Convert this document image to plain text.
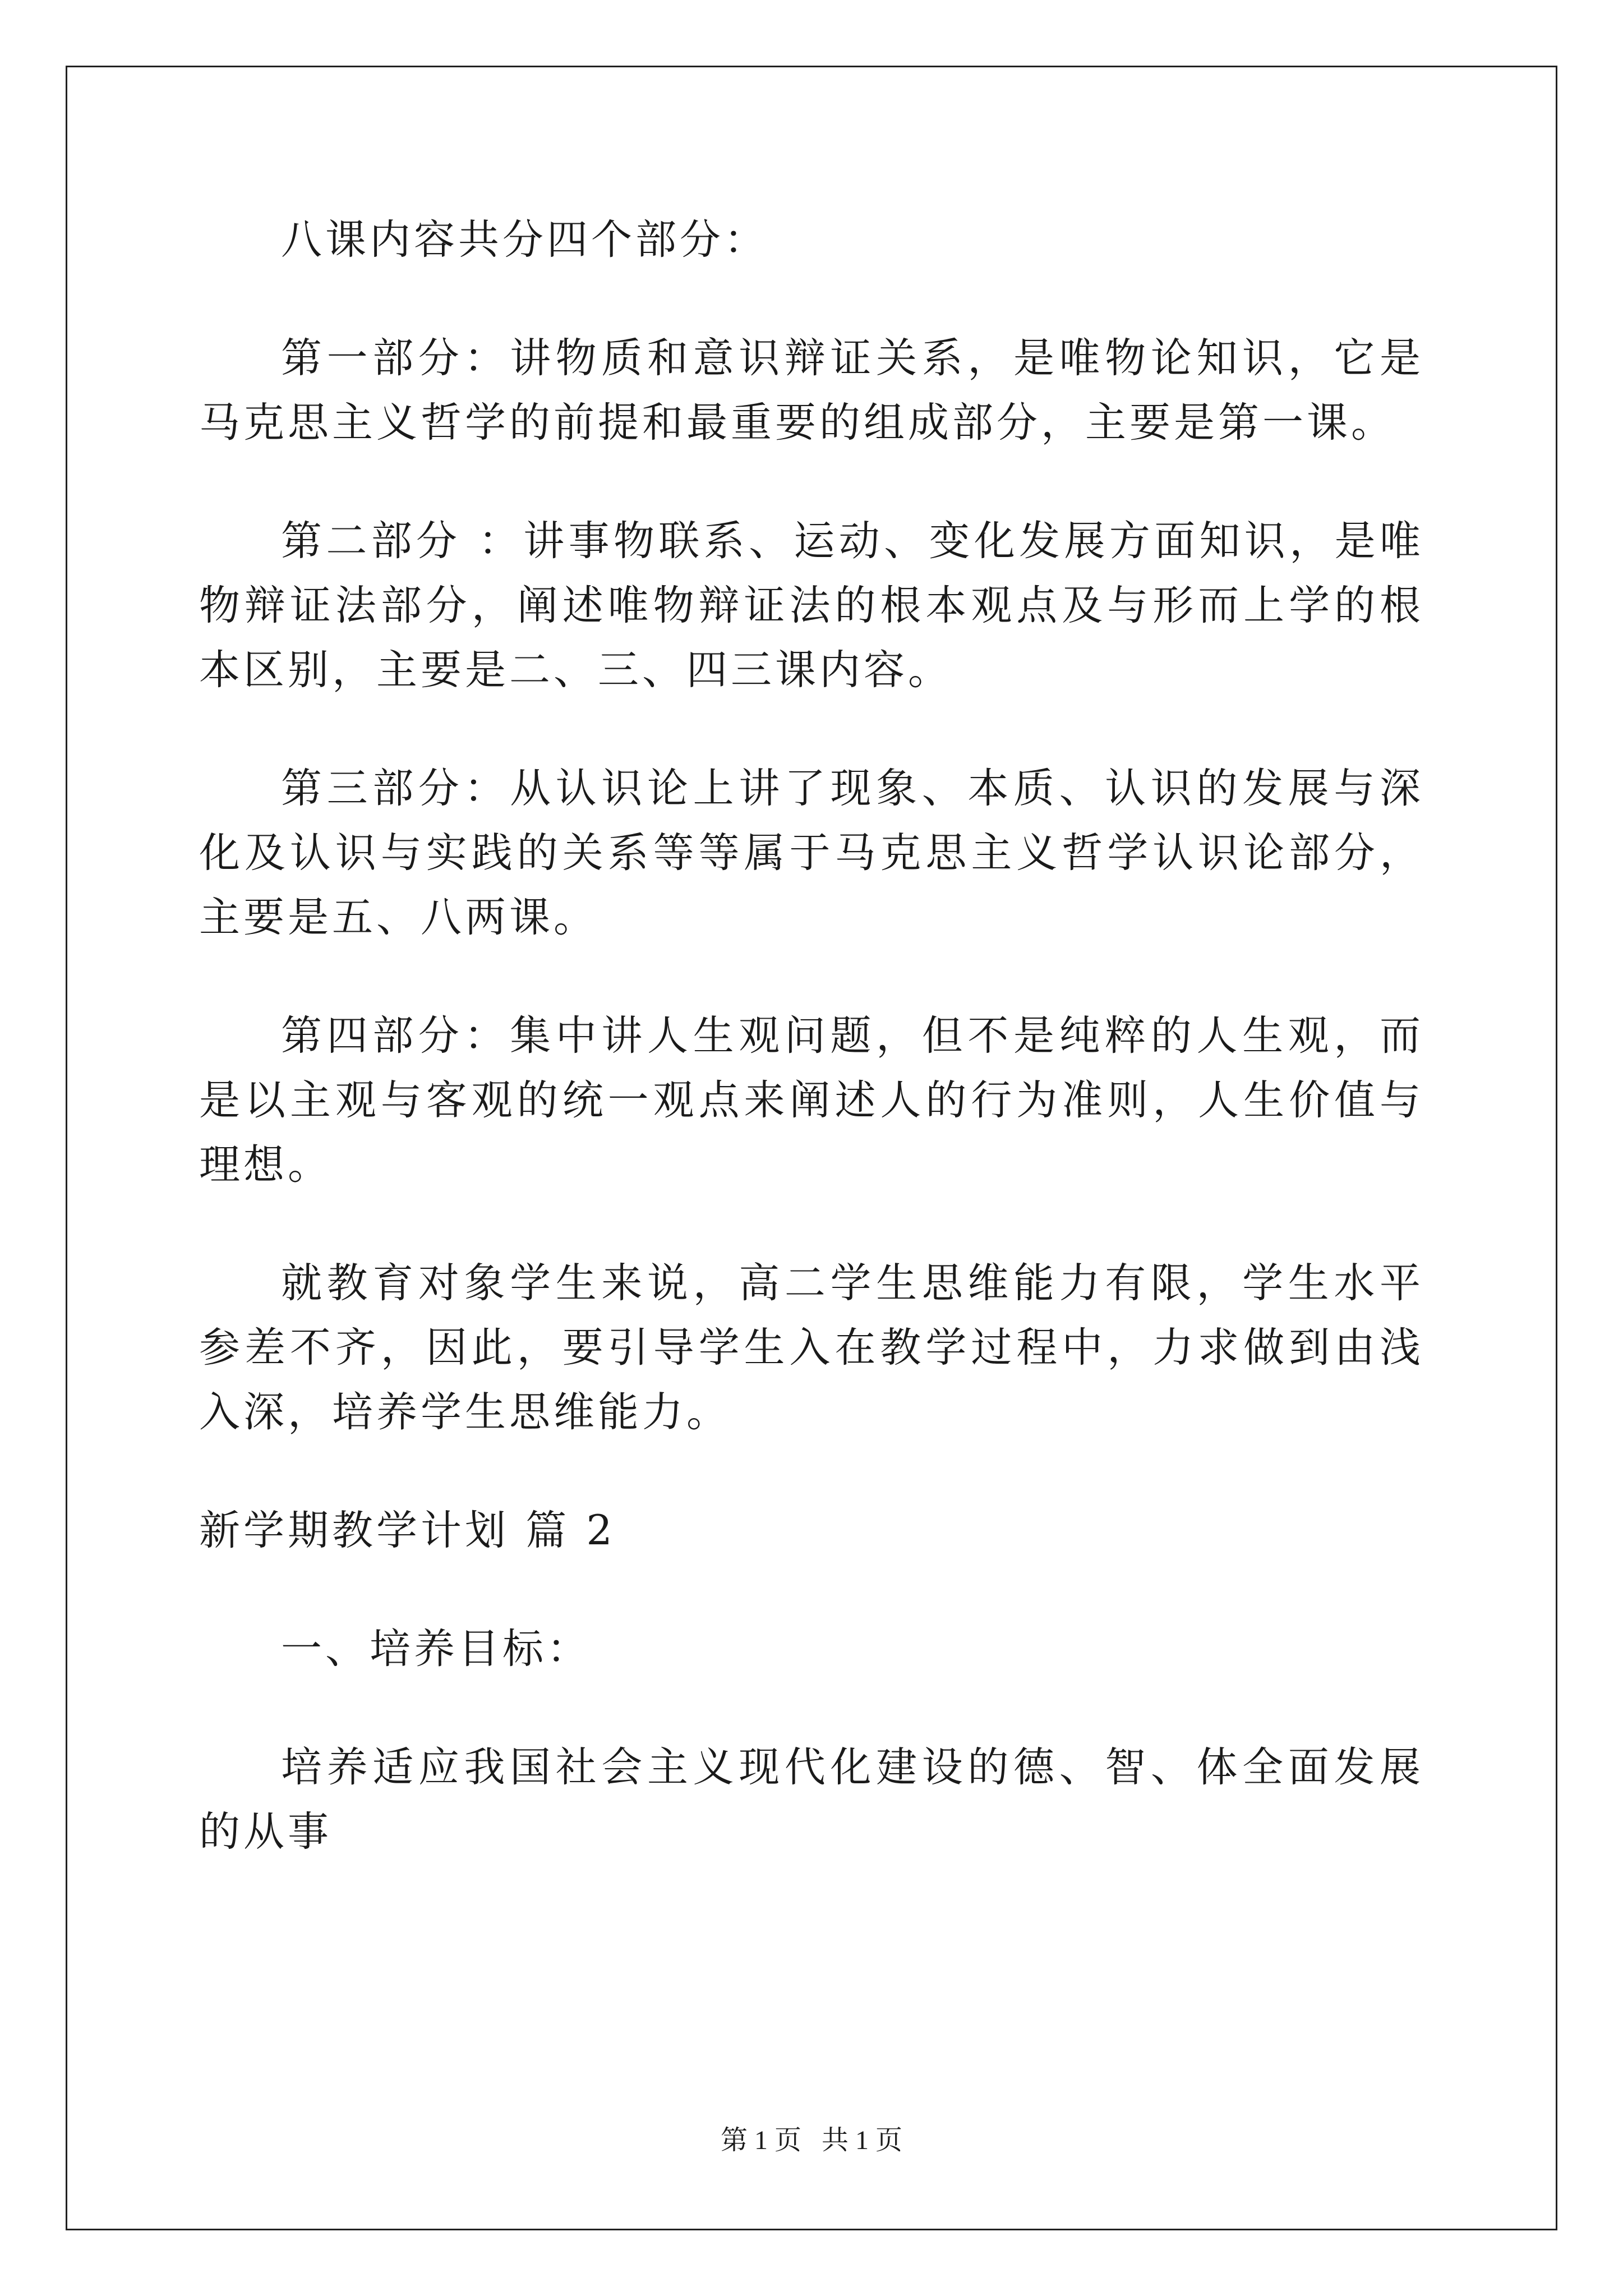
八课内容共分四个部分：

第一部分：讲物质和意识辩证关系，是唯物论知识，它是马克思主义哲学的前提和最重要的组成部分，主要是第一课。

第二部分 ：讲事物联系、运动、变化发展方面知识，是唯物辩证法部分，阐述唯物辩证法的根本观点及与形而上学的根本区别，主要是二、三、四三课内容。

第三部分：从认识论上讲了现象、本质、认识的发展与深化及认识与实践的关系等等属于马克思主义哲学认识论部分，主要是五、八两课。

第四部分：集中讲人生观问题，但不是纯粹的人生观，而是以主观与客观的统一观点来阐述人的行为准则，人生价值与理想。

就教育对象学生来说，高二学生思维能力有限，学生水平参差不齐，因此，要引导学生入在教学过程中，力求做到由浅入深，培养学生思维能力。

新学期教学计划 篇 2

一、培养目标：

培养适应我国社会主义现代化建设的德、智、体全面发展的从事

第 1 页 共 1 页
